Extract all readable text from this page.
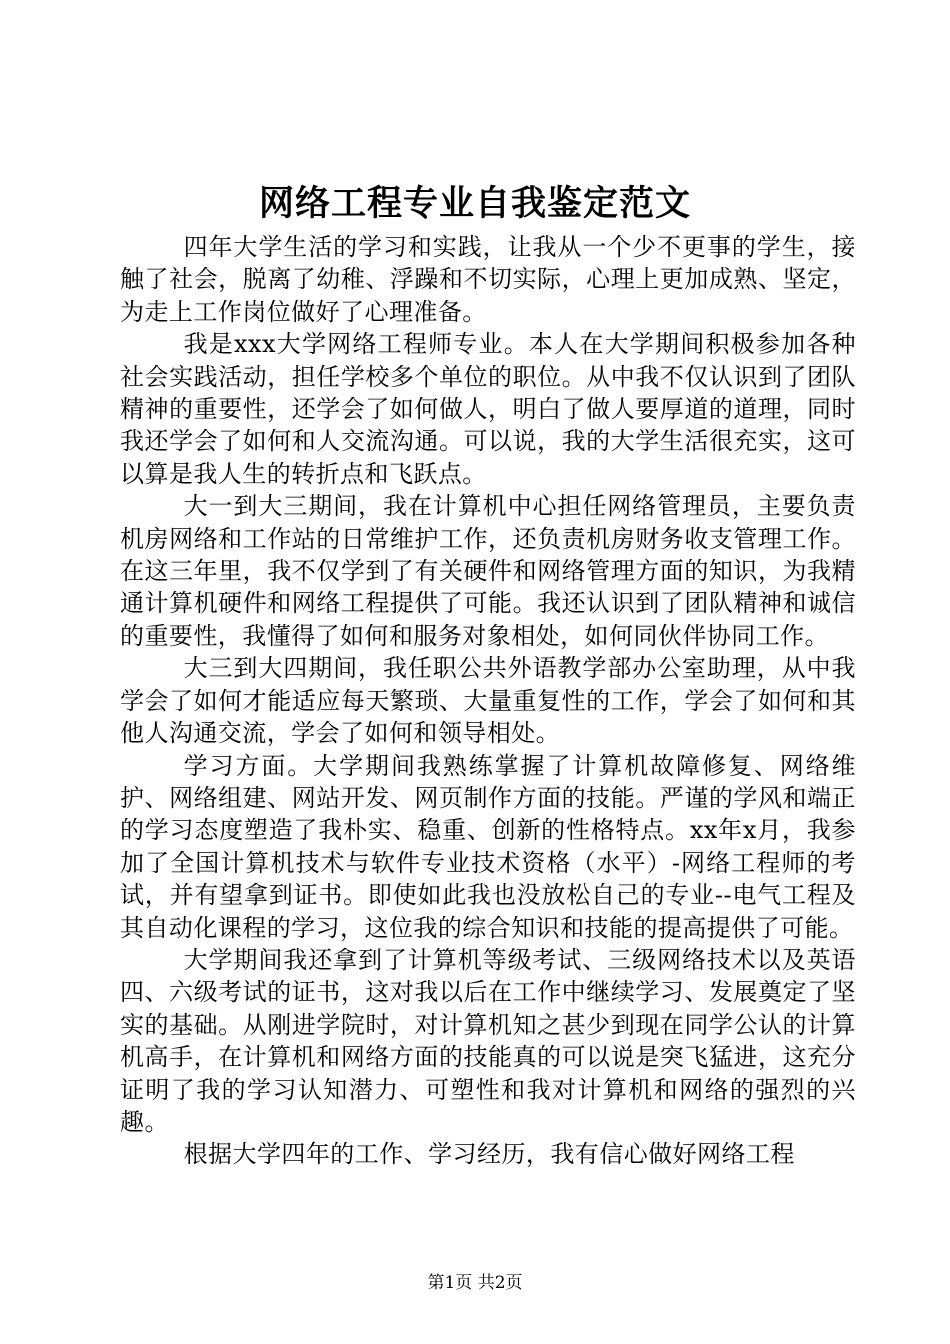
网络工程专业自我鉴定范文

四年大学生活的学习和实践，让我从一个少不更事的学生，接触了社会，脱离了幼稚、浮躁和不切实际，心理上更加成熟、坚定，为走上工作岗位做好了心理准备。

我是xxx大学网络工程师专业。本人在大学期间积极参加各种社会实践活动，担任学校多个单位的职位。从中我不仅认识到了团队精神的重要性，还学会了如何做人，明白了做人要厚道的道理，同时我还学会了如何和人交流沟通。可以说，我的大学生活很充实，这可以算是我人生的转折点和飞跃点。

大一到大三期间，我在计算机中心担任网络管理员，主要负责机房网络和工作站的日常维护工作，还负责机房财务收支管理工作。在这三年里，我不仅学到了有关硬件和网络管理方面的知识，为我精通计算机硬件和网络工程提供了可能。我还认识到了团队精神和诚信的重要性，我懂得了如何和服务对象相处，如何同伙伴协同工作。

大三到大四期间，我任职公共外语教学部办公室助理，从中我学会了如何才能适应每天繁琐、大量重复性的工作，学会了如何和其他人沟通交流，学会了如何和领导相处。

学习方面。大学期间我熟练掌握了计算机故障修复、网络维护、网络组建、网站开发、网页制作方面的技能。严谨的学风和端正的学习态度塑造了我朴实、稳重、创新的性格特点。xx年x月，我参加了全国计算机技术与软件专业技术资格（水平）-网络工程师的考试，并有望拿到证书。即使如此我也没放松自己的专业--电气工程及其自动化课程的学习，这位我的综合知识和技能的提高提供了可能。

大学期间我还拿到了计算机等级考试、三级网络技术以及英语四、六级考试的证书，这对我以后在工作中继续学习、发展奠定了坚实的基础。从刚进学院时，对计算机知之甚少到现在同学公认的计算机高手，在计算机和网络方面的技能真的可以说是突飞猛进，这充分证明了我的学习认知潜力、可塑性和我对计算机和网络的强烈的兴趣。

根据大学四年的工作、学习经历，我有信心做好网络工程

第1页 共2页
